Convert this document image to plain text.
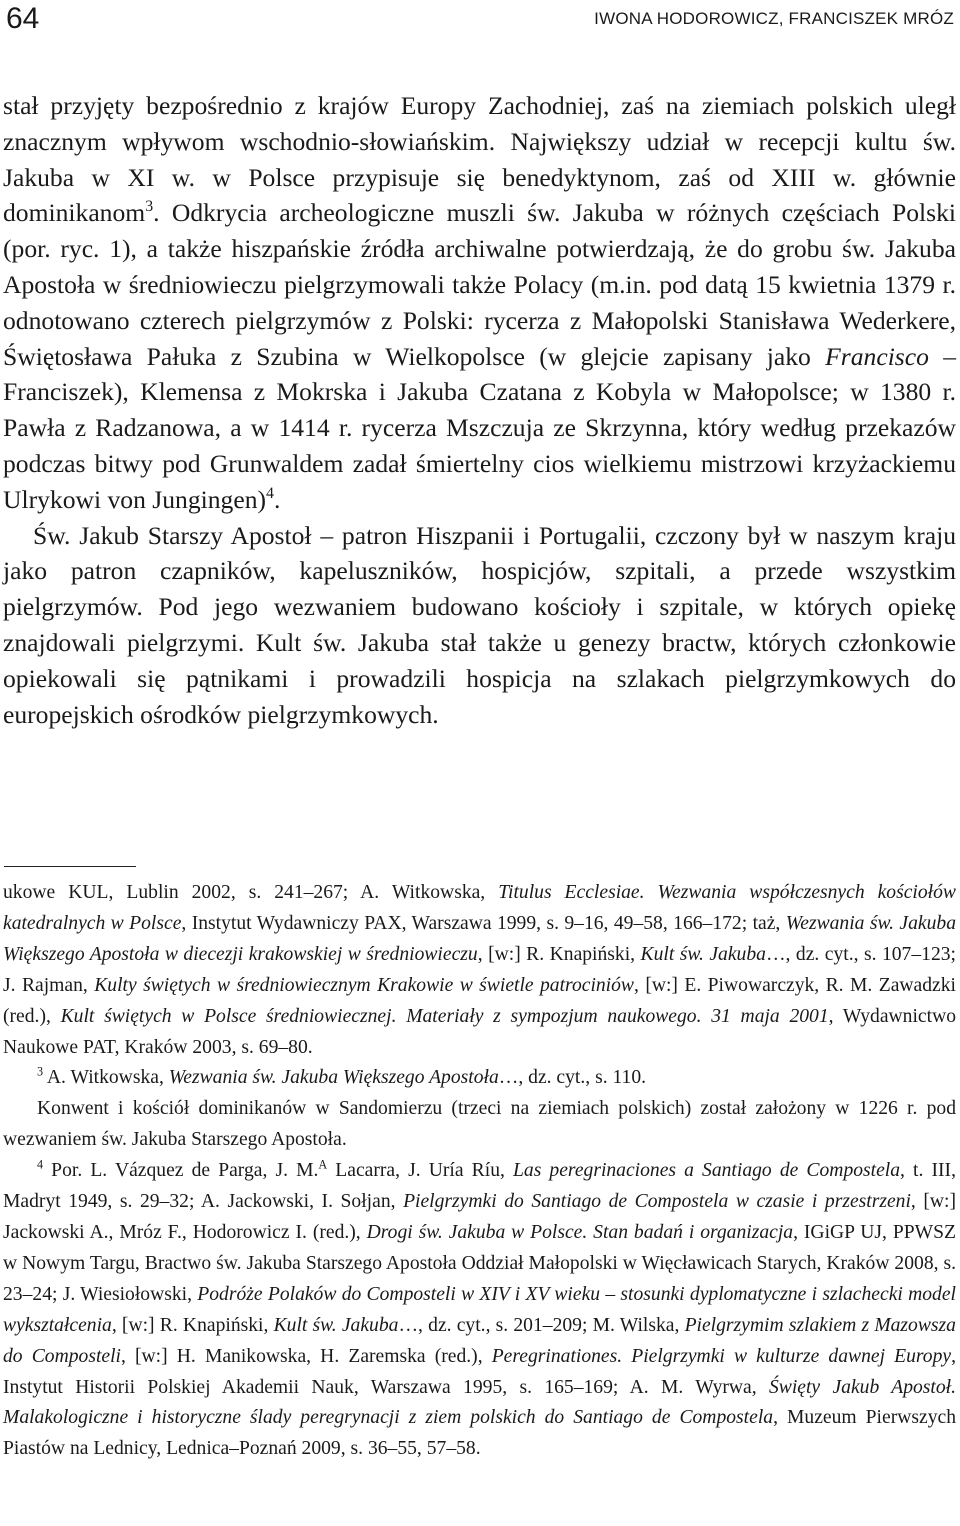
64	IWONA HODOROWICZ, FRANCISZEK MRÓZ

stał przyjęty bezpośrednio z krajów Europy Zachodniej, zaś na ziemiach polskich uległ znacznym wpływom wschodnio-słowiańskim. Największy udział w recepcji kultu św. Jakuba w XI w. w Polsce przypisuje się benedyktynom, zaś od XIII w. głównie dominikanom$^3$. Odkrycia archeologiczne muszli św. Jakuba w różnych częściach Polski (por. ryc. 1), a także hiszpańskie źródła archiwalne potwierdzają, że do grobu św. Jakuba Apostoła w średniowieczu pielgrzymowali także Polacy (m.in. pod datą 15 kwietnia 1379 r. odnotowano czterech pielgrzymów z Polski: rycerza z Małopolski Stanisława Wederkere, Świętosława Pałuka z Szubina w Wielkopolsce (w glejcie zapisany jako Francisco – Franciszek), Klemensa z Mokrska i Jakuba Czatana z Kobyla w Małopolsce; w 1380 r. Pawła z Radzanowa, a w 1414 r. rycerza Mszczuja ze Skrzynna, który według przekazów podczas bitwy pod Grunwaldem zadał śmiertelny cios wielkiemu mistrzowi krzyżackiemu Ulrykowi von Jungingen)$^4$.

Św. Jakub Starszy Apostoł – patron Hiszpanii i Portugalii, czczony był w naszym kraju jako patron czapników, kapeluszników, hospicjów, szpitali, a przede wszystkim pielgrzymów. Pod jego wezwaniem budowano kościoły i szpitale, w których opiekę znajdowali pielgrzymi. Kult św. Jakuba stał także u genezy bractw, których członkowie opiekowali się pątnikami i prowadzili hospicja na szlakach pielgrzymkowych do europejskich ośrodków pielgrzymkowych.

ukowe KUL, Lublin 2002, s. 241–267; A. Witkowska, Titulus Ecclesiae. Wezwania współczesnych kościołów katedralnych w Polsce, Instytut Wydawniczy PAX, Warszawa 1999, s. 9–16, 49–58, 166–172; taż, Wezwania św. Jakuba Większego Apostoła w diecezji krakowskiej w średniowieczu, [w:] R. Knapiński, Kult św. Jakuba…, dz. cyt., s. 107–123; J. Rajman, Kulty świętych w średniowiecznym Krakowie w świetle patrociniów, [w:] E. Piwowarczyk, R. M. Zawadzki (red.), Kult świętych w Polsce średniowiecznej. Materiały z sympozjum naukowego. 31 maja 2001, Wydawnictwo Naukowe PAT, Kraków 2003, s. 69–80.

$^3$ A. Witkowska, Wezwania św. Jakuba Większego Apostoła…, dz. cyt., s. 110.

Konwent i kościół dominikanów w Sandomierzu (trzeci na ziemiach polskich) został założony w 1226 r. pod wezwaniem św. Jakuba Starszego Apostoła.

$^4$ Por. L. Vázquez de Parga, J. M.$^A$ Lacarra, J. Uría Ríu, Las peregrinaciones a Santiago de Compostela, t. III, Madryt 1949, s. 29–32; A. Jackowski, I. Sołjan, Pielgrzymki do Santiago de Compostela w czasie i przestrzeni, [w:] Jackowski A., Mróz F., Hodorowicz I. (red.), Drogi św. Jakuba w Polsce. Stan badań i organizacja, IGiGP UJ, PPWSZ w Nowym Targu, Bractwo św. Jakuba Starszego Apostoła Oddział Małopolski w Więcławicach Starych, Kraków 2008, s. 23–24; J. Wiesiołowski, Podróże Polaków do Composteli w XIV i XV wieku – stosunki dyplomatyczne i szlachecki model wykształcenia, [w:] R. Knapiński, Kult św. Jakuba…, dz. cyt., s. 201–209; M. Wilska, Pielgrzymim szlakiem z Mazowsza do Composteli, [w:] H. Manikowska, H. Zaremska (red.), Peregrinationes. Pielgrzymki w kulturze dawnej Europy, Instytut Historii Polskiej Akademii Nauk, Warszawa 1995, s. 165–169; A. M. Wyrwa, Święty Jakub Apostoł. Malakologiczne i historyczne ślady peregrynacji z ziem polskich do Santiago de Compostela, Muzeum Pierwszych Piastów na Lednicy, Lednica–Poznań 2009, s. 36–55, 57–58.
